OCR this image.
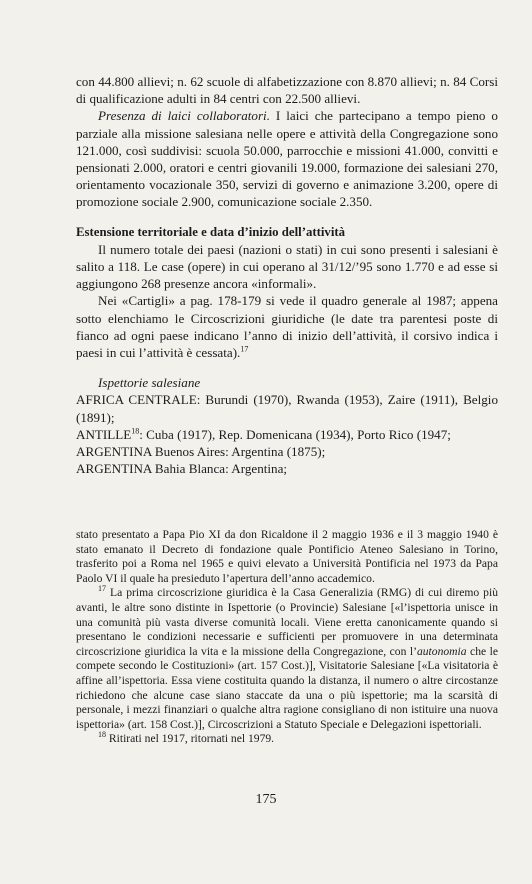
con 44.800 allievi; n. 62 scuole di alfabetizzazione con 8.870 allievi; n. 84 Corsi di qualificazione adulti in 84 centri con 22.500 allievi.

Presenza di laici collaboratori. I laici che partecipano a tempo pieno o parziale alla missione salesiana nelle opere e attività della Congregazione sono 121.000, così suddivisi: scuola 50.000, parrocchie e missioni 41.000, convitti e pensionati 2.000, oratori e centri giovanili 19.000, formazione dei salesiani 270, orientamento vocazionale 350, servizi di governo e animazione 3.200, opere di promozione sociale 2.900, comunicazione sociale 2.350.

Estensione territoriale e data d’inizio dell’attività

Il numero totale dei paesi (nazioni o stati) in cui sono presenti i salesiani è salito a 118. Le case (opere) in cui operano al 31/12/’95 sono 1.770 e ad esse si aggiungono 268 presenze ancora «informali».

Nei «Cartigli» a pag. 178-179 si vede il quadro generale al 1987; appena sotto elenchiamo le Circoscrizioni giuridiche (le date tra parentesi poste di fianco ad ogni paese indicano l’anno di inizio dell’attività, il corsivo indica i paesi in cui l’attività è cessata).$^{17}$

Ispettorie salesiane

AFRICA CENTRALE: Burundi (1970), Rwanda (1953), Zaire (1911), Belgio (1891);

ANTILLE$^{18}$: Cuba (1917), Rep. Domenicana (1934), Porto Rico (1947;

ARGENTINA Buenos Aires: Argentina (1875);

ARGENTINA Bahia Blanca: Argentina;

stato presentato a Papa Pio XI da don Ricaldone il 2 maggio 1936 e il 3 maggio 1940 è stato emanato il Decreto di fondazione quale Pontificio Ateneo Salesiano in Torino, trasferito poi a Roma nel 1965 e quivi elevato a Università Pontificia nel 1973 da Papa Paolo VI il quale ha presieduto l’apertura dell’anno accademico.

$^{17}$ La prima circoscrizione giuridica è la Casa Generalizia (RMG) di cui diremo più avanti, le altre sono distinte in Ispettorie (o Provincie) Salesiane [«l’ispettoria unisce in una comunità più vasta diverse comunità locali. Viene eretta canonicamente quando si presentano le condizioni necessarie e sufficienti per promuovere in una determinata circoscrizione giuridica la vita e la missione della Congregazione, con l’autonomia che le compete secondo le Costituzioni» (art. 157 Cost.)], Visitatorie Salesiane [«La visitatoria è affine all’ispettoria. Essa viene costituita quando la distanza, il numero o altre circostanze richiedono che alcune case siano staccate da una o più ispettorie; ma la scarsità di personale, i mezzi finanziari o qualche altra ragione consigliano di non istituire una nuova ispettoria» (art. 158 Cost.)], Circoscrizioni a Statuto Speciale e Delegazioni ispettoriali.

$^{18}$ Ritirati nel 1917, ritornati nel 1979.

175
